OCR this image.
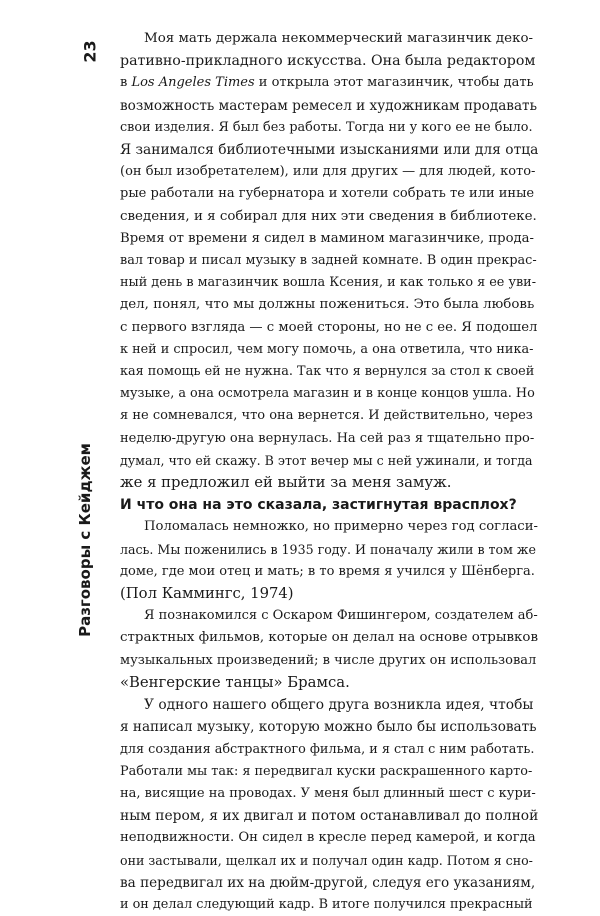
23
Разговоры с Кейджем
Моя мать держала некоммерческий магазинчик деко-
ративно-прикладного искусства. Она была редактором
в Los Angeles Times и открыла этот магазинчик, чтобы дать
возможность мастерам ремесел и художникам продавать
свои изделия. Я был без работы. Тогда ни у кого ее не было.
Я занимался библиотечными изысканиями или для отца
(он был изобретателем), или для других — для людей, кото-
рые работали на губернатора и хотели собрать те или иные
сведения, и я собирал для них эти сведения в библиотеке.
Время от времени я сидел в мамином магазинчике, прода-
вал товар и писал музыку в задней комнате. В один прекрас-
ный день в магазинчик вошла Ксения, и как только я ее уви-
дел, понял, что мы должны пожениться. Это была любовь
с первого взгляда — с моей стороны, но не с ее. Я подошел
к ней и спросил, чем могу помочь, а она ответила, что ника-
кая помощь ей не нужна. Так что я вернулся за стол к своей
музыке, а она осмотрела магазин и в конце концов ушла. Но
я не сомневался, что она вернется. И действительно, через
неделю-другую она вернулась. На сей раз я тщательно про-
думал, что ей скажу. В этот вечер мы с ней ужинали, и тогда
же я предложил ей выйти за меня замуж.
И что она на это сказала, застигнутая врасплох?
Поломалась немножко, но примерно через год согласи-
лась. Мы поженились в 1935 году. И поначалу жили в том же
доме, где мои отец и мать; в то время я учился у Шёнберга.
(Пол Каммингс, 1974)
Я познакомился с Оскаром Фишингером, создателем аб-
страктных фильмов, которые он делал на основе отрывков
музыкальных произведений; в числе других он использовал
«Венгерские танцы» Брамса.
У одного нашего общего друга возникла идея, чтобы
я написал музыку, которую можно было бы использовать
для создания абстрактного фильма, и я стал с ним работать.
Работали мы так: я передвигал куски раскрашенного карто-
на, висящие на проводах. У меня был длинный шест с кури-
ным пером, я их двигал и потом останавливал до полной
неподвижности. Он сидел в кресле перед камерой, и когда
они застывали, щелкал их и получал один кадр. Потом я сно-
ва передвигал их на дюйм-другой, следуя его указаниям,
и он делал следующий кадр. В итоге получился прекрасный
